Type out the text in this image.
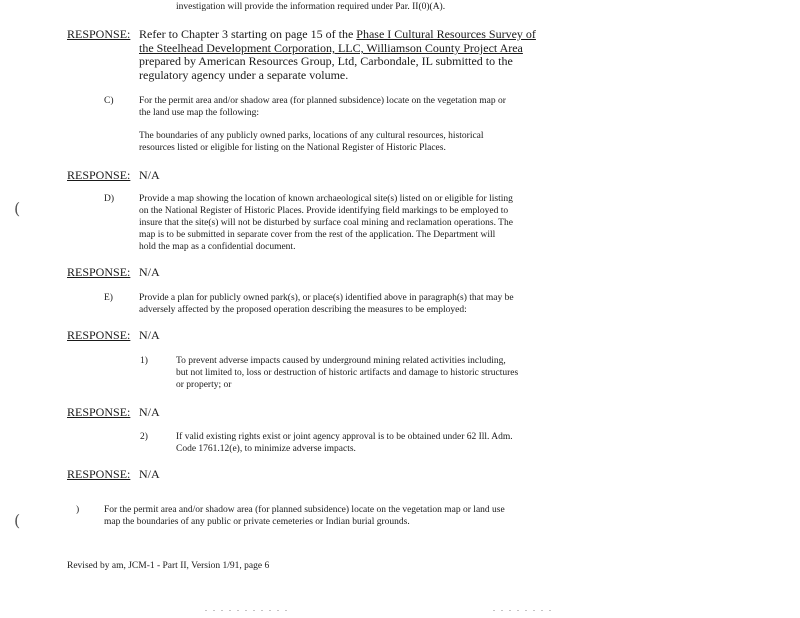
investigation will provide the information required under Par. II(0)(A).
RESPONSE: Refer to Chapter 3 starting on page 15 of the Phase I Cultural Resources Survey of
the Steelhead Development Corporation, LLC, Williamson County Project Area
prepared by American Resources Group, Ltd, Carbondale, IL submitted to the
regulatory agency under a separate volume.
C)	For the permit area and/or shadow area (for planned subsidence) locate on the vegetation map or
the land use map the following:
The boundaries of any publicly owned parks, locations of any cultural resources, historical
resources listed or eligible for listing on the National Register of Historic Places.
RESPONSE: N/A
D)	Provide a map showing the location of known archaeological site(s) listed on or eligible for listing
on the National Register of Historic Places. Provide identifying field markings to be employed to
insure that the site(s) will not be disturbed by surface coal mining and reclamation operations. The
map is to be submitted in separate cover from the rest of the application. The Department will
hold the map as a confidential document.
RESPONSE: N/A
E)	Provide a plan for publicly owned park(s), or place(s) identified above in paragraph(s) that may be
adversely affected by the proposed operation describing the measures to be employed:
RESPONSE: N/A
1)	To prevent adverse impacts caused by underground mining related activities including,
but not limited to, loss or destruction of historic artifacts and damage to historic structures
or property; or
RESPONSE: N/A
2)	If valid existing rights exist or joint agency approval is to be obtained under 62 Ill. Adm.
Code 1761.12(e), to minimize adverse impacts.
RESPONSE: N/A
)	For the permit area and/or shadow area (for planned subsidence) locate on the vegetation map or land use
map the boundaries of any public or private cemeteries or Indian burial grounds.
Revised by am, JCM-1 - Part II, Version 1/91, page 6
(
(
. . . . . . . . . . .	. . . . . . . .
